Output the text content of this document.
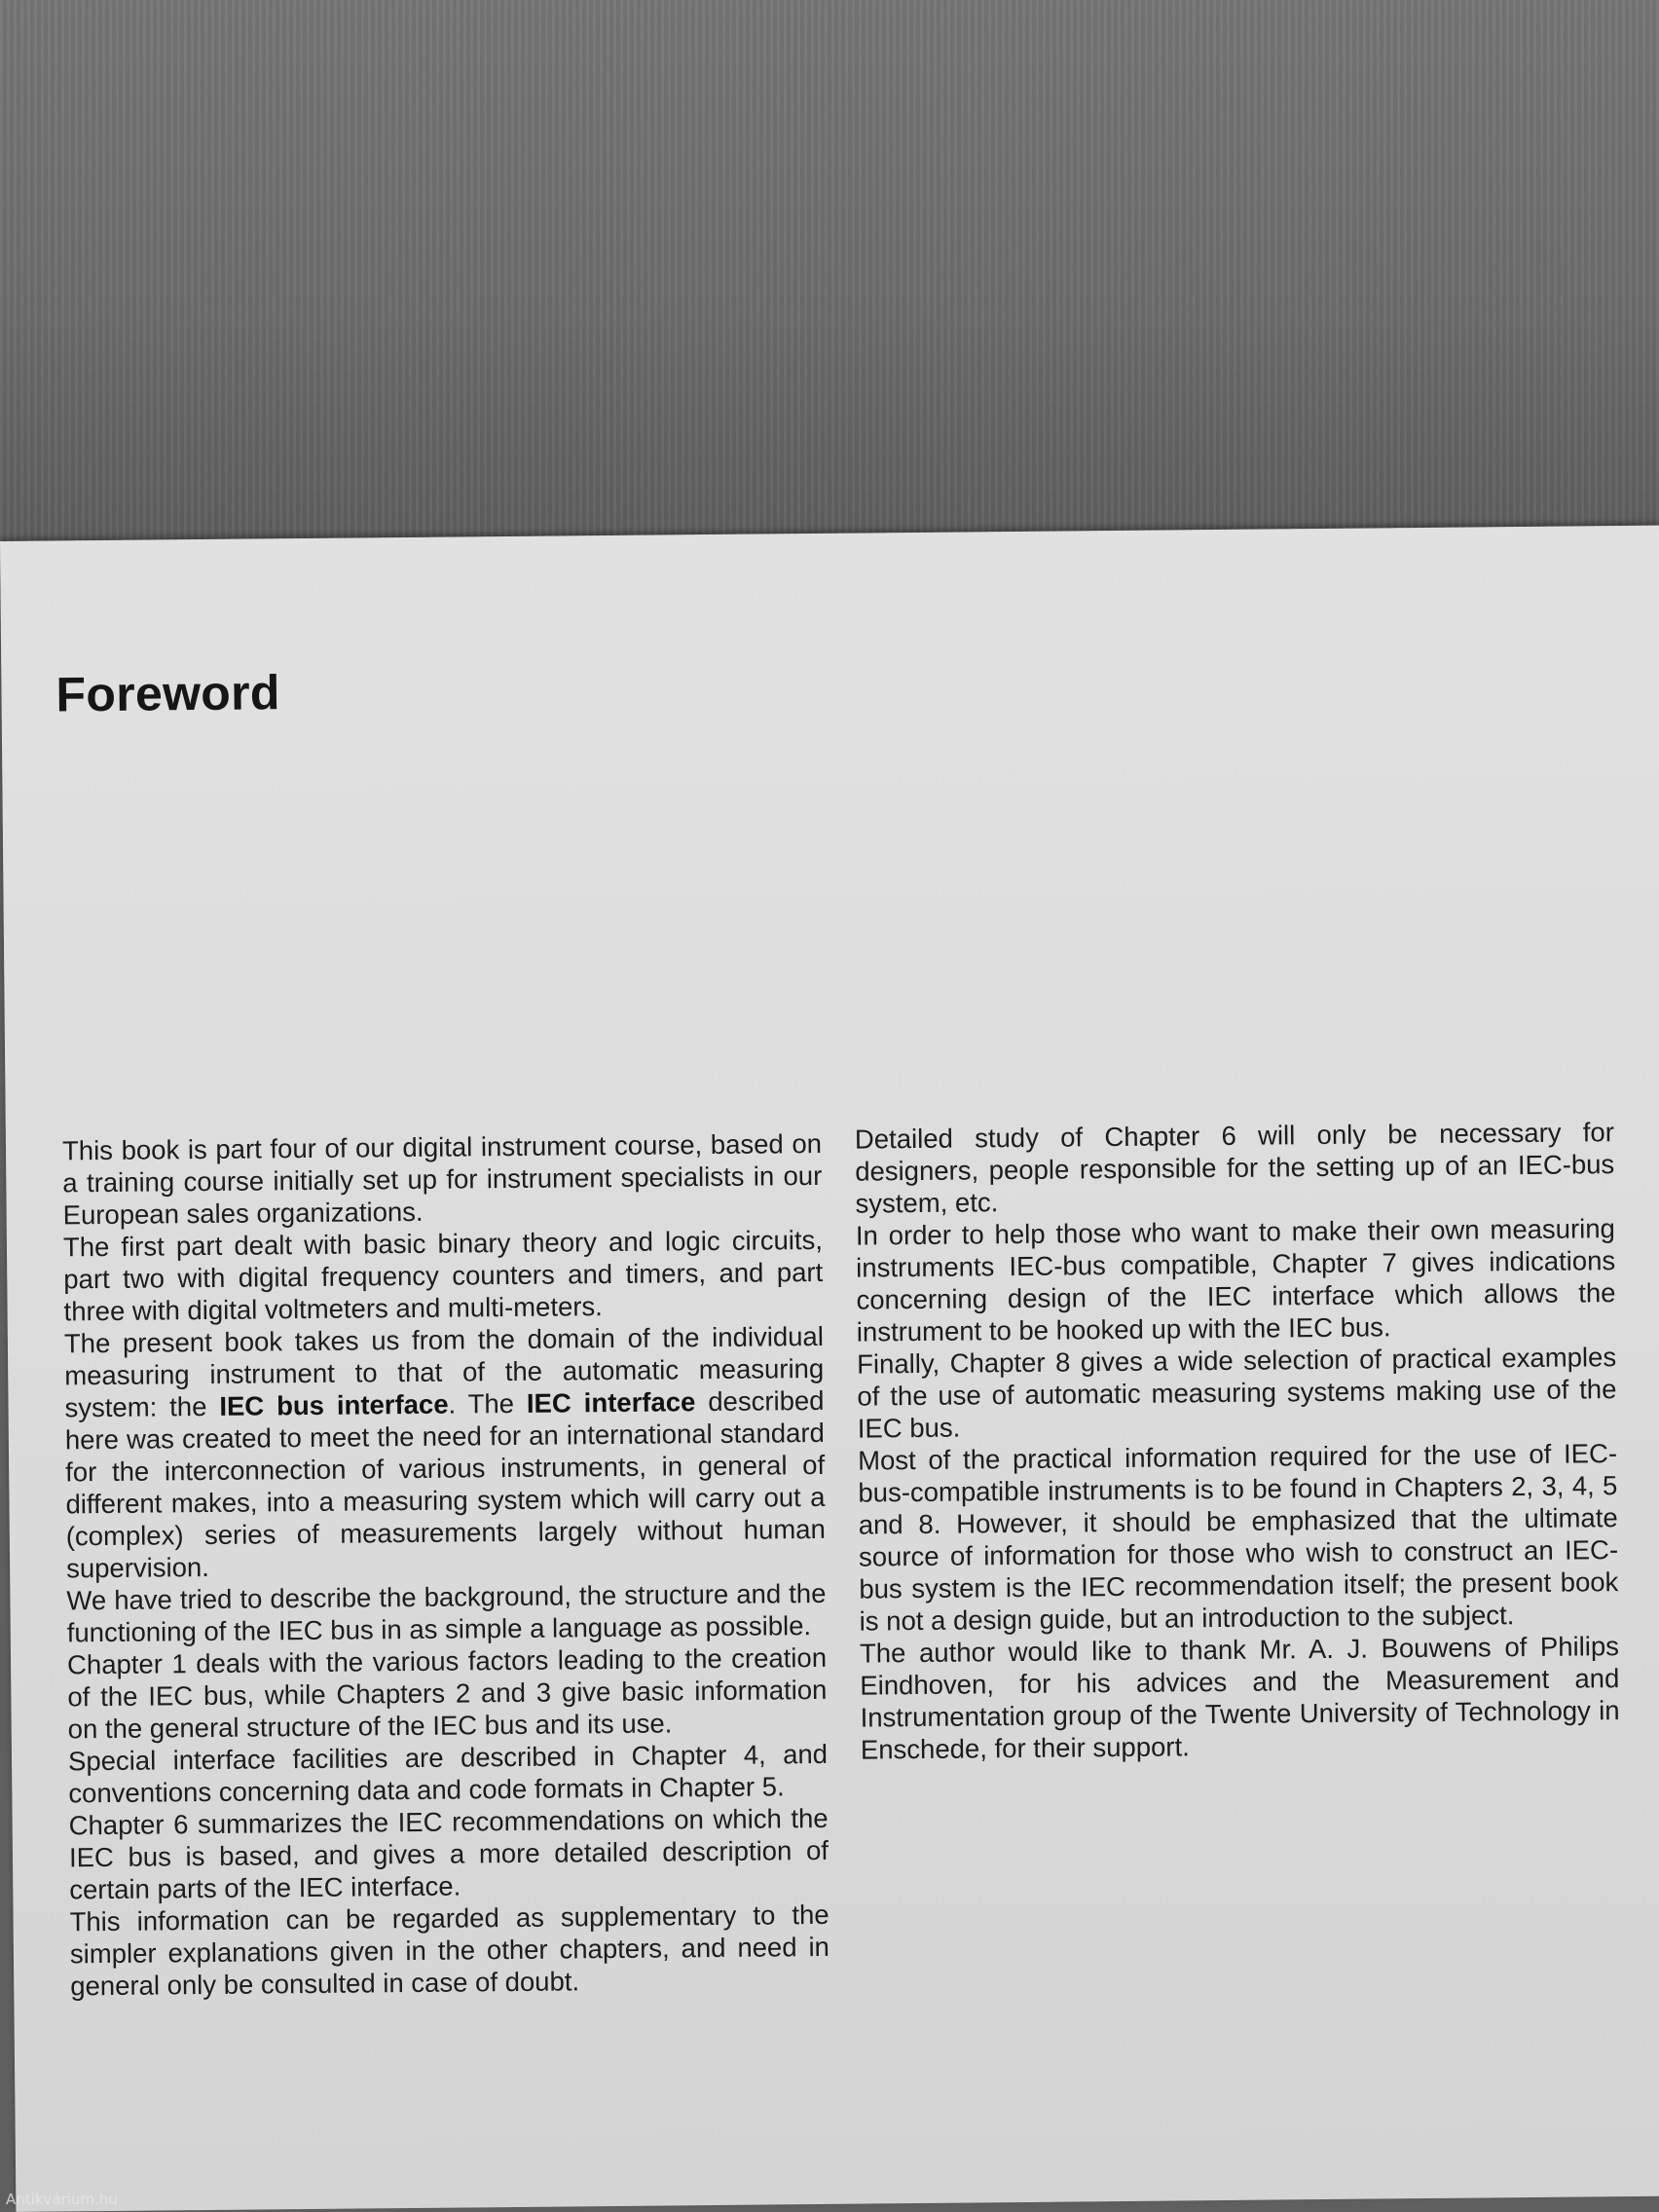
Foreword

This book is part four of our digital instrument course, based on a training course initially set up for instrument specialists in our European sales organizations.

The first part dealt with basic binary theory and logic circuits, part two with digital frequency counters and timers, and part three with digital voltmeters and multi-meters.

The present book takes us from the domain of the individual measuring instrument to that of the automatic measuring system: the IEC bus interface. The IEC interface described here was created to meet the need for an international standard for the interconnection of various instruments, in general of different makes, into a measuring system which will carry out a (complex) series of measurements largely without human supervision.

We have tried to describe the background, the structure and the functioning of the IEC bus in as simple a language as possible.

Chapter 1 deals with the various factors leading to the creation of the IEC bus, while Chapters 2 and 3 give basic information on the general structure of the IEC bus and its use.

Special interface facilities are described in Chapter 4, and conventions concerning data and code formats in Chapter 5.

Chapter 6 summarizes the IEC recommendations on which the IEC bus is based, and gives a more detailed description of certain parts of the IEC interface.

This information can be regarded as supplementary to the simpler explanations given in the other chapters, and need in general only be consulted in case of doubt.

Detailed study of Chapter 6 will only be necessary for designers, people responsible for the setting up of an IEC-bus system, etc.

In order to help those who want to make their own measuring instruments IEC-bus compatible, Chapter 7 gives indications concerning design of the IEC interface which allows the instrument to be hooked up with the IEC bus.

Finally, Chapter 8 gives a wide selection of practical examples of the use of automatic measuring systems making use of the IEC bus.

Most of the practical information required for the use of IEC-bus-compatible instruments is to be found in Chapters 2, 3, 4, 5 and 8. However, it should be emphasized that the ultimate source of information for those who wish to construct an IEC-bus system is the IEC recommendation itself; the present book is not a design guide, but an introduction to the subject.

The author would like to thank Mr. A. J. Bouwens of Philips Eindhoven, for his advices and the Measurement and Instrumentation group of the Twente University of Technology in Enschede, for their support.

Antikvárium.hu
